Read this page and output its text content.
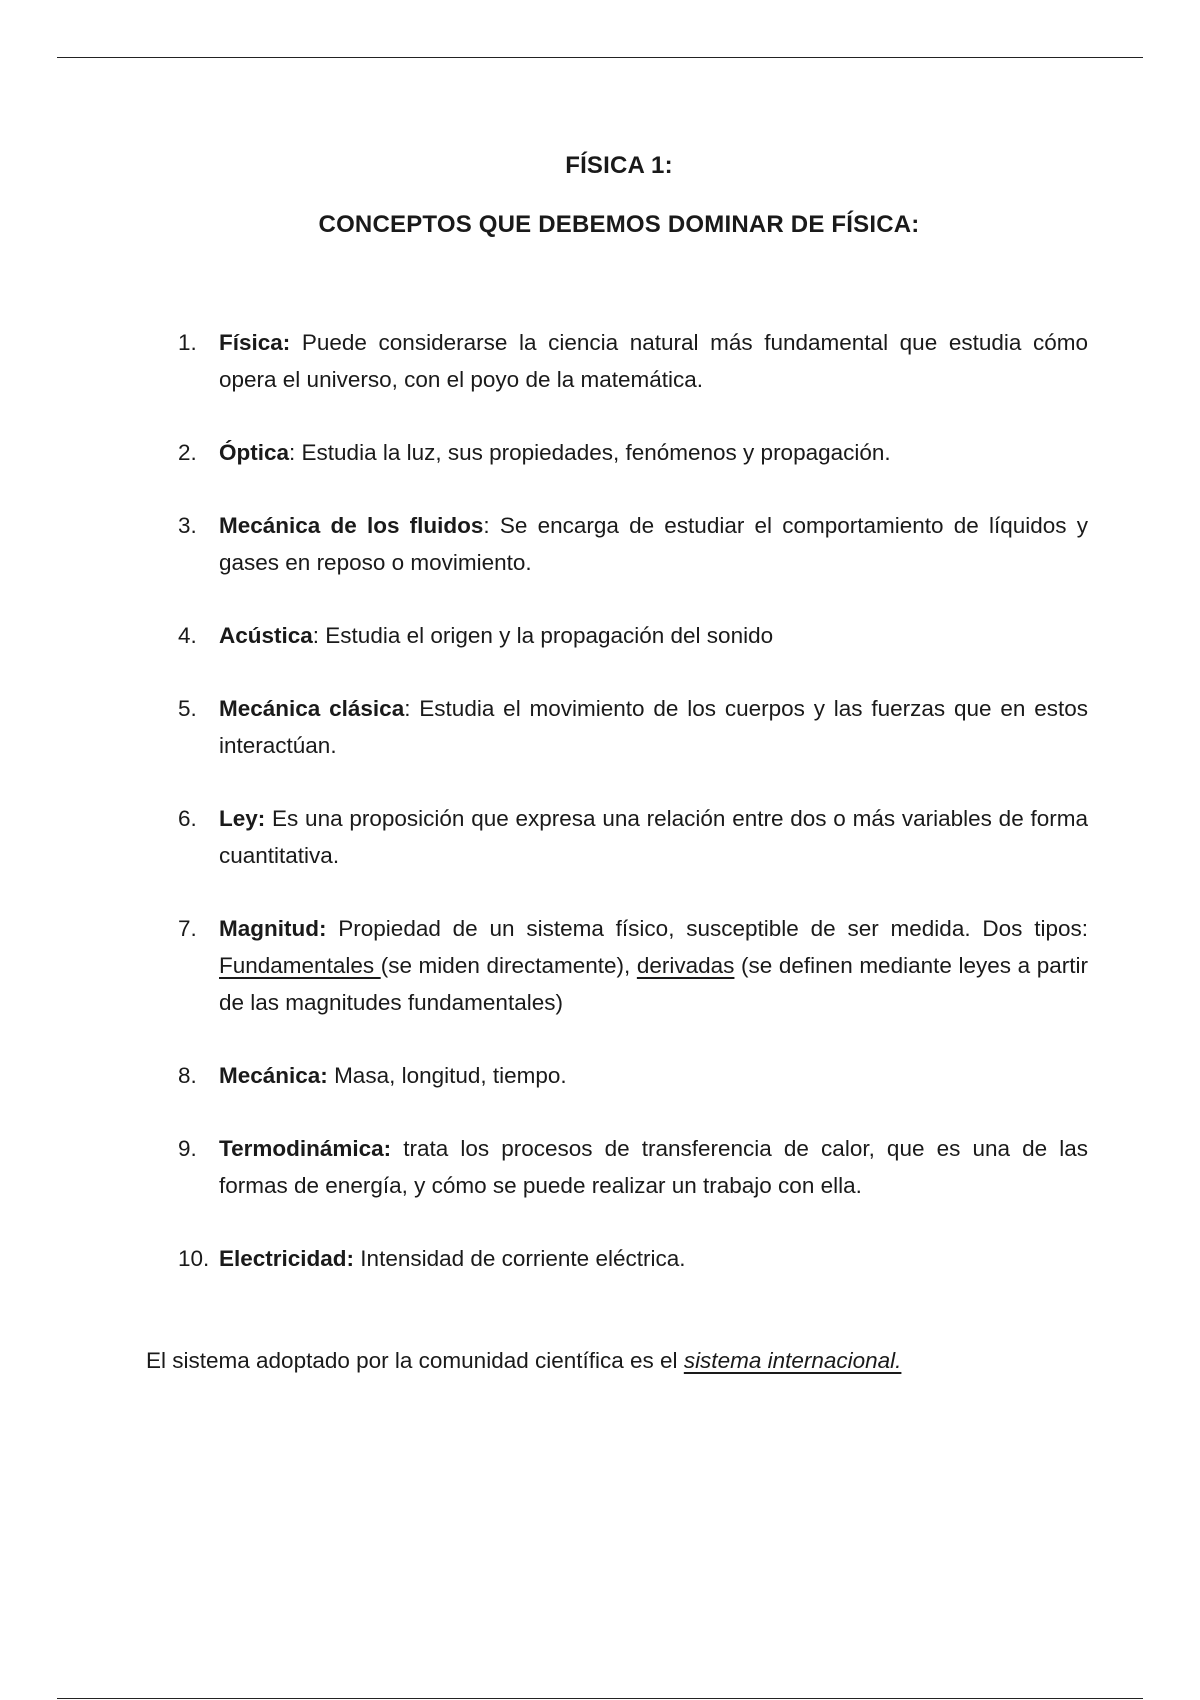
FÍSICA 1:
CONCEPTOS QUE DEBEMOS DOMINAR DE FÍSICA:
1. Física: Puede considerarse la ciencia natural más fundamental que estudia cómo opera el universo, con el poyo de la matemática.
2. Óptica: Estudia la luz, sus propiedades, fenómenos y propagación.
3. Mecánica de los fluidos: Se encarga de estudiar el comportamiento de líquidos y gases en reposo o movimiento.
4. Acústica: Estudia el origen y la propagación del sonido
5. Mecánica clásica: Estudia el movimiento de los cuerpos y las fuerzas que en estos interactúan.
6. Ley: Es una proposición que expresa una relación entre dos o más variables de forma cuantitativa.
7. Magnitud: Propiedad de un sistema físico, susceptible de ser medida. Dos tipos: Fundamentales (se miden directamente), derivadas (se definen mediante leyes a partir de las magnitudes fundamentales)
8. Mecánica: Masa, longitud, tiempo.
9. Termodinámica: trata los procesos de transferencia de calor, que es una de las formas de energía, y cómo se puede realizar un trabajo con ella.
10. Electricidad: Intensidad de corriente eléctrica.
El sistema adoptado por la comunidad científica es el sistema internacional.
